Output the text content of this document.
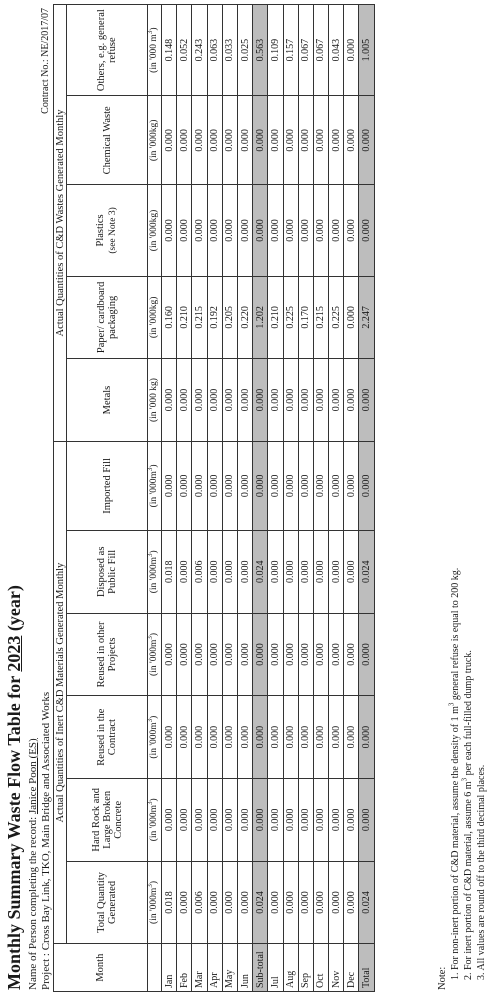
Monthly Summary Waste Flow Table for 2023 (year)
Name of Person completing the record: Janice Poon (ES)
Project : Cross Bay Link, TKO, Main Bridge and Associated Works
Contract No.: NE/2017/07
Month	Actual Quantities of Inert C&D Materials Generated Monthly						Actual Quantities of C&D Wastes Generated Monthly				
	Total Quantity Generated	Hard Rock and Large Broken Concrete	Reused in the Contract	Reused in other Projects	Disposed as Public Fill	Imported Fill	Metals	Paper/ cardboard packaging	Plastics (see Note 3)	Chemical Waste	Others, e.g. general refuse
	(in '$000m^3$)	(in '$000m^3$)	(in '$000m^3$)	(in '$000m^3$)	(in '$000m^3$)	(in '$000m^3$)	(in '000 kg)	(in '000kg)	(in '000kg)	(in '000kg)	(in '000 $m^3$)
Jan	0.018	0.000	0.000	0.000	0.018	0.000	0.000	0.160	0.000	0.000	0.148
Feb	0.000	0.000	0.000	0.000	0.000	0.000	0.000	0.210	0.000	0.000	0.052
Mar	0.006	0.000	0.000	0.000	0.006	0.000	0.000	0.215	0.000	0.000	0.243
Apr	0.000	0.000	0.000	0.000	0.000	0.000	0.000	0.192	0.000	0.000	0.063
May	0.000	0.000	0.000	0.000	0.000	0.000	0.000	0.205	0.000	0.000	0.033
Jun	0.000	0.000	0.000	0.000	0.000	0.000	0.000	0.220	0.000	0.000	0.025
Sub-total	0.024	0.000	0.000	0.000	0.024	0.000	0.000	1.202	0.000	0.000	0.563
Jul	0.000	0.000	0.000	0.000	0.000	0.000	0.000	0.210	0.000	0.000	0.109
Aug	0.000	0.000	0.000	0.000	0.000	0.000	0.000	0.225	0.000	0.000	0.157
Sep	0.000	0.000	0.000	0.000	0.000	0.000	0.000	0.170	0.000	0.000	0.067
Oct	0.000	0.000	0.000	0.000	0.000	0.000	0.000	0.215	0.000	0.000	0.067
Nov	0.000	0.000	0.000	0.000	0.000	0.000	0.000	0.225	0.000	0.000	0.043
Dec	0.000	0.000	0.000	0.000	0.000	0.000	0.000	0.000	0.000	0.000	0.000
Total	0.024	0.000	0.000	0.000	0.024	0.000	0.000	2.247	0.000	0.000	1.005
Note: 1. For non-inert portion of C&D material, assume the density of 1 $m^3$ general refuse is equal to 200 kg.
2. For inert portion of C&D material, assume 6 $m^3$ per each full-filled dump truck.
3. All values are round off to the third decimal places.
